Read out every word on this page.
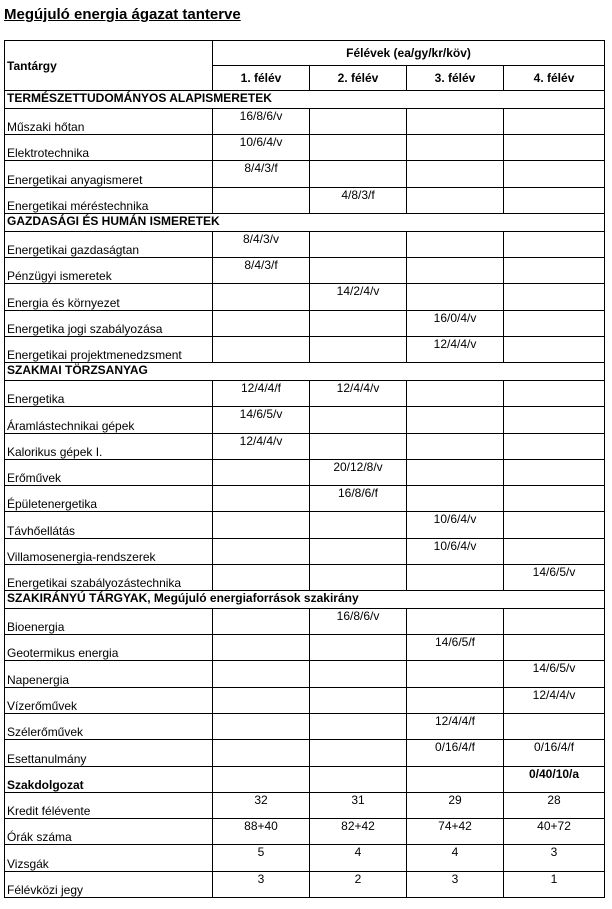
Megújuló energia ágazat tanterve
Tantárgy	Félévek (ea/gy/kr/köv)			
	1. félév	2. félév	3. félév	4. félév
TERMÉSZETTUDOMÁNYOS ALAPISMERETEK				
Műszaki hőtan	16/8/6/v			
Elektrotechnika	10/6/4/v			
Energetikai anyagismeret	8/4/3/f			
Energetikai méréstechnika		4/8/3/f		
GAZDASÁGI ÉS HUMÁN ISMERETEK				
Energetikai gazdaságtan	8/4/3/v			
Pénzügyi ismeretek	8/4/3/f			
Energia és környezet		14/2/4/v		
Energetika jogi szabályozása			16/0/4/v	
Energetikai projektmenedzsment			12/4/4/v	
SZAKMAI TÖRZSANYAG				
Energetika	12/4/4/f	12/4/4/v		
Áramlástechnikai gépek	14/6/5/v			
Kalorikus gépek I.	12/4/4/v			
Erőművek		20/12/8/v		
Épületenergetika		16/8/6/f		
Távhőellátás			10/6/4/v	
Villamosenergia-rendszerek			10/6/4/v	
Energetikai szabályozástechnika				14/6/5/v
SZAKIRÁNYÚ TÁRGYAK, Megújuló energiaforrások szakirány				
Bioenergia		16/8/6/v		
Geotermikus energia			14/6/5/f	
Napenergia				14/6/5/v
Vízerőművek				12/4/4/v
Szélerőművek			12/4/4/f	
Esettanulmány			0/16/4/f	0/16/4/f
Szakdolgozat				0/40/10/a
Kredit félévente	32	31	29	28
Órák száma	88+40	82+42	74+42	40+72
Vizsgák	5	4	4	3
Félévközi jegy	3	2	3	1
